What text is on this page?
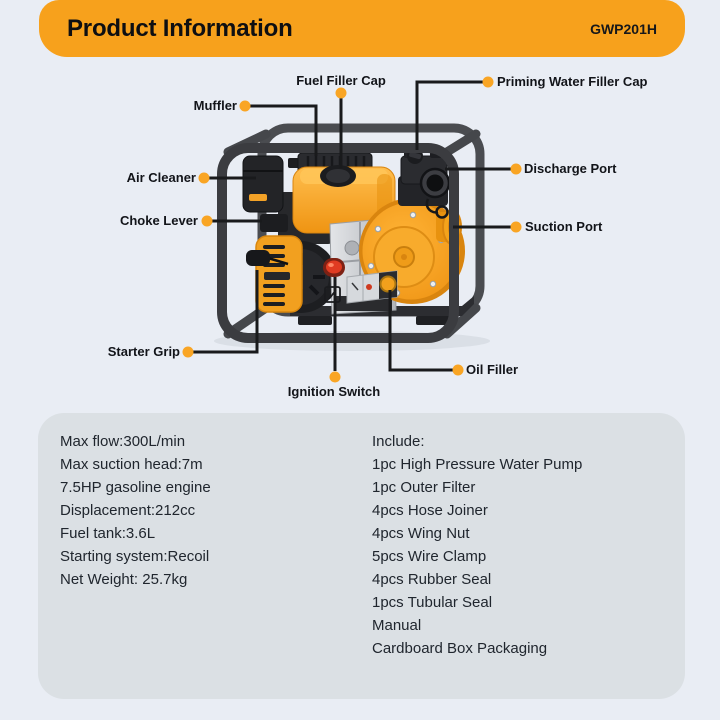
Product Information	GWP201H
Fuel Filler Cap
Muffler
Air Cleaner
Choke Lever
Starter Grip
Ignition Switch
Priming Water Filler Cap
Discharge Port
Suction Port
Oil Filler
Max flow:300L/min
Max suction head:7m
7.5HP gasoline engine
Displacement:212cc
Fuel tank:3.6L
Starting system:Recoil
Net Weight: 25.7kg
Include:
1pc High Pressure Water Pump
1pc Outer Filter
4pcs Hose Joiner
4pcs Wing Nut
5pcs Wire Clamp
4pcs Rubber Seal
1pcs Tubular Seal
Manual
Cardboard Box Packaging
